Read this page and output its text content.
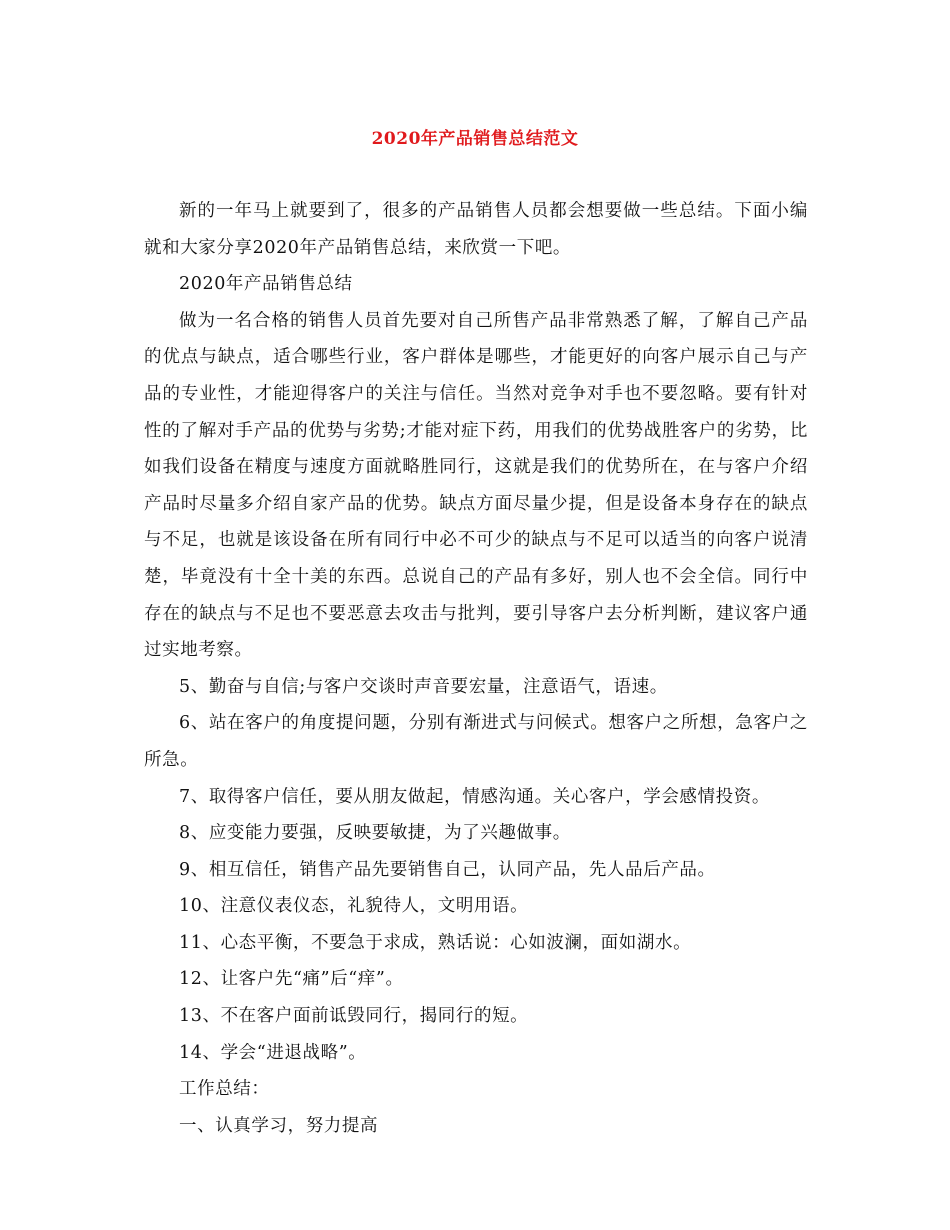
2020年产品销售总结范文

新的一年马上就要到了，很多的产品销售人员都会想要做一些总结。下面小编就和大家分享2020年产品销售总结，来欣赏一下吧。

2020年产品销售总结

做为一名合格的销售人员首先要对自己所售产品非常熟悉了解，了解自己产品的优点与缺点，适合哪些行业，客户群体是哪些，才能更好的向客户展示自己与产品的专业性，才能迎得客户的关注与信任。当然对竞争对手也不要忽略。要有针对性的了解对手产品的优势与劣势;才能对症下药，用我们的优势战胜客户的劣势，比如我们设备在精度与速度方面就略胜同行，这就是我们的优势所在，在与客户介绍产品时尽量多介绍自家产品的优势。缺点方面尽量少提，但是设备本身存在的缺点与不足，也就是该设备在所有同行中必不可少的缺点与不足可以适当的向客户说清楚，毕竟没有十全十美的东西。总说自己的产品有多好，别人也不会全信。同行中存在的缺点与不足也不要恶意去攻击与批判，要引导客户去分析判断，建议客户通过实地考察。

5、勤奋与自信;与客户交谈时声音要宏量，注意语气，语速。

6、站在客户的角度提问题，分别有渐进式与问候式。想客户之所想，急客户之所急。

7、取得客户信任，要从朋友做起，情感沟通。关心客户，学会感情投资。

8、应变能力要强，反映要敏捷，为了兴趣做事。

9、相互信任，销售产品先要销售自己，认同产品，先人品后产品。

10、注意仪表仪态，礼貌待人，文明用语。

11、心态平衡，不要急于求成，熟话说：心如波澜，面如湖水。

12、让客户先“痛”后“痒”。

13、不在客户面前诋毁同行，揭同行的短。

14、学会“进退战略”。

工作总结：

一、认真学习，努力提高
